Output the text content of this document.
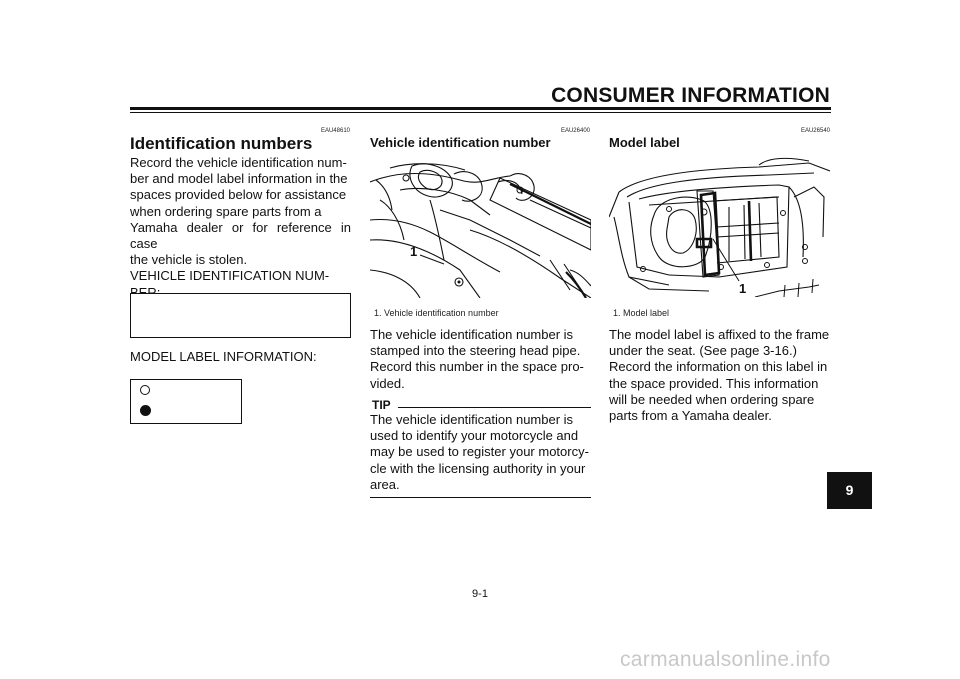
CONSUMER INFORMATION
EAU48610
Identification numbers
Record the vehicle identification num-
ber and model label information in the
spaces provided below for assistance
when ordering spare parts from a
Yamaha dealer or for reference in case
the vehicle is stolen.
VEHICLE IDENTIFICATION NUM-
MODEL LABEL INFORMATION:
EAU26400
Vehicle identification number
1
1. Vehicle identification number
The vehicle identification number is
stamped into the steering head pipe.
Record this number in the space pro-
vided.
TIP
The vehicle identification number is
used to identify your motorcycle and
may be used to register your motorcy-
cle with the licensing authority in your
area.
EAU26540
Model label
1
1. Model label
The model label is affixed to the frame
under the seat. (See page 3-16.)
Record the information on this label in
the space provided. This information
will be needed when ordering spare
parts from a Yamaha dealer.
9
9-1
carmanualsonline.info
